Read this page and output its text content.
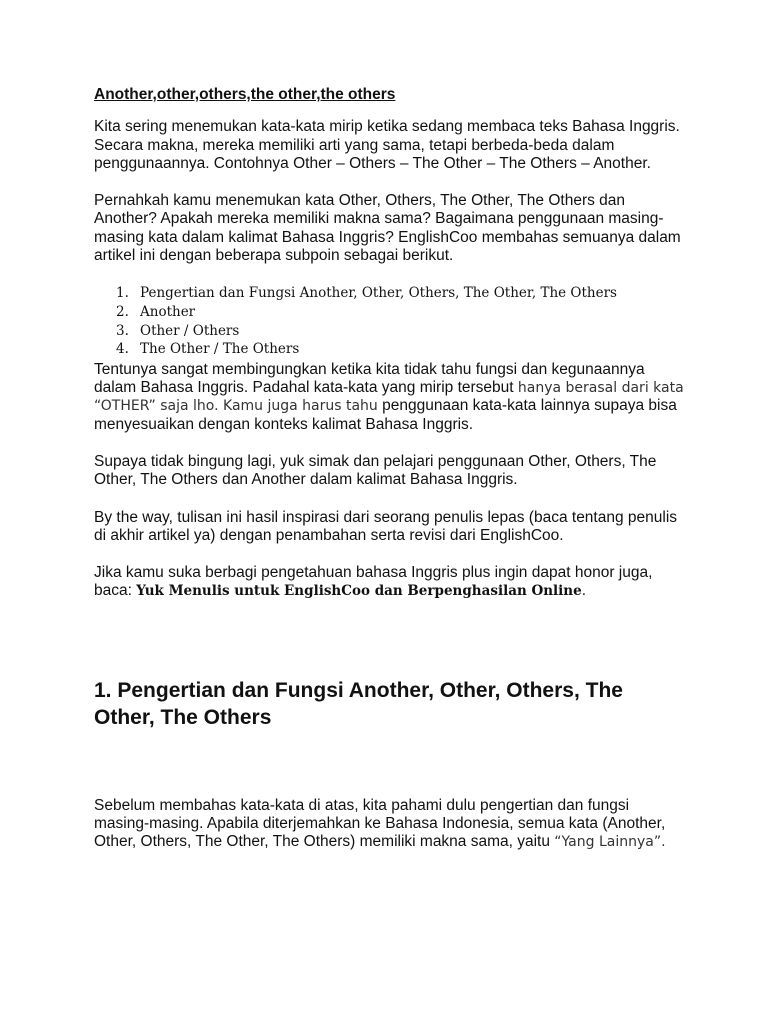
Another,other,others,the other,the others

Kita sering menemukan kata-kata mirip ketika sedang membaca teks Bahasa Inggris. Secara makna, mereka memiliki arti yang sama, tetapi berbeda-beda dalam penggunaannya. Contohnya Other – Others – The Other – The Others – Another.

Pernahkah kamu menemukan kata Other, Others, The Other, The Others dan Another? Apakah mereka memiliki makna sama? Bagaimana penggunaan masing-masing kata dalam kalimat Bahasa Inggris? EnglishCoo membahas semuanya dalam artikel ini dengan beberapa subpoin sebagai berikut.

1. Pengertian dan Fungsi Another, Other, Others, The Other, The Others
2. Another
3. Other / Others
4. The Other / The Others

Tentunya sangat membingungkan ketika kita tidak tahu fungsi dan kegunaannya dalam Bahasa Inggris. Padahal kata-kata yang mirip tersebut hanya berasal dari kata “OTHER” saja lho. Kamu juga harus tahu penggunaan kata-kata lainnya supaya bisa menyesuaikan dengan konteks kalimat Bahasa Inggris.

Supaya tidak bingung lagi, yuk simak dan pelajari penggunaan Other, Others, The Other, The Others dan Another dalam kalimat Bahasa Inggris.

By the way, tulisan ini hasil inspirasi dari seorang penulis lepas (baca tentang penulis di akhir artikel ya) dengan penambahan serta revisi dari EnglishCoo.

Jika kamu suka berbagi pengetahuan bahasa Inggris plus ingin dapat honor juga, baca: Yuk Menulis untuk EnglishCoo dan Berpenghasilan Online.

1. Pengertian dan Fungsi Another, Other, Others, The Other, The Others

Sebelum membahas kata-kata di atas, kita pahami dulu pengertian dan fungsi masing-masing. Apabila diterjemahkan ke Bahasa Indonesia, semua kata (Another, Other, Others, The Other, The Others) memiliki makna sama, yaitu “Yang Lainnya”.
